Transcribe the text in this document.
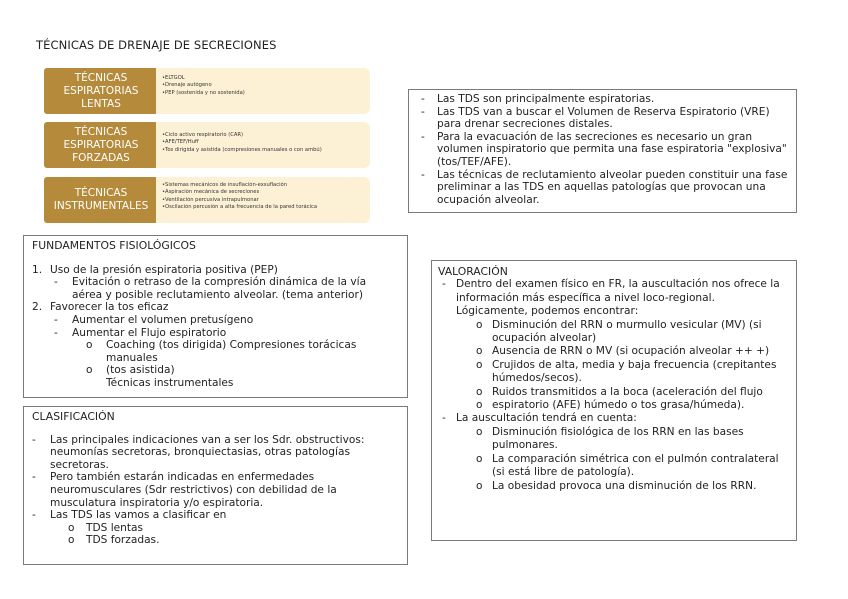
TÉCNICAS DE DRENAJE DE SECRECIONES
TÉCNICAS
ESPIRATORIAS
LENTAS
•ELTGOL
•Drenaje autógeno
•PEP (sostenida y no sostenida)
TÉCNICAS
ESPIRATORIAS
FORZADAS
•Ciclo activo respiratorio (CAR)
•AFE/TEF/Huff
•Tos dirigida y asistida (compresiones manuales o con ambú)
TÉCNICAS
INSTRUMENTALES
•Sistemas mecánicos de insuflación-exsuflación
•Aspiración mecánica de secreciones
•Ventilación percusiva intrapulmonar
•Oscilación percusión a alta frecuencia de la pared torácica
- Las TDS son principalmente espiratorias.
- Las TDS van a buscar el Volumen de Reserva Espiratorio (VRE) para drenar secreciones distales.
- Para la evacuación de las secreciones es necesario un gran volumen inspiratorio que permita una fase espiratoria "explosiva" (tos/TEF/AFE).
- Las técnicas de reclutamiento alveolar pueden constituir una fase preliminar a las TDS en aquellas patologías que provocan una ocupación alveolar.
FUNDAMENTOS FISIOLÓGICOS
1. Uso de la presión espiratoria positiva (PEP)
- Evitación o retraso de la compresión dinámica de la vía aérea y posible reclutamiento alveolar. (tema anterior)
2. Favorecer la tos eficaz
- Aumentar el volumen pretusígeno
- Aumentar el Flujo espiratorio
o Coaching (tos dirigida) Compresiones torácicas manuales
o (tos asistida)
Técnicas instrumentales
CLASIFICACIÓN
- Las principales indicaciones van a ser los Sdr. obstructivos: neumonías secretoras, bronquiectasias, otras patologías secretoras.
- Pero también estarán indicadas en enfermedades neuromusculares (Sdr restrictivos) con debilidad de la musculatura inspiratoria y/o espiratoria.
- Las TDS las vamos a clasificar en
o TDS lentas
o TDS forzadas.
VALORACIÓN
- Dentro del examen físico en FR, la auscultación nos ofrece la información más específica a nivel loco-regional. Lógicamente, podemos encontrar:
o Disminución del RRN o murmullo vesicular (MV) (si ocupación alveolar)
o Ausencia de RRN o MV (si ocupación alveolar ++ +)
o Crujidos de alta, media y baja frecuencia (crepitantes húmedos/secos).
o Ruidos transmitidos a la boca (aceleración del flujo
o espiratorio (AFE) húmedo o tos grasa/húmeda).
- La auscultación tendrá en cuenta:
o Disminución fisiológica de los RRN en las bases pulmonares.
o La comparación simétrica con el pulmón contralateral (si está libre de patología).
o La obesidad provoca una disminución de los RRN.
